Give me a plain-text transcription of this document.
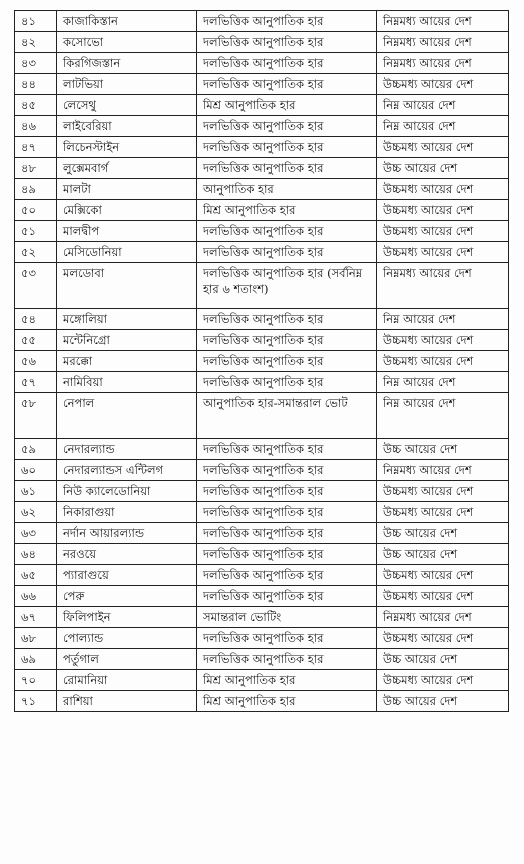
৪১	কাজাকিস্তান	দলভিত্তিক আনুপাতিক হার	নিম্নমধ্য আয়ের দেশ
৪২	কসোভো	দলভিত্তিক আনুপাতিক হার	নিম্নমধ্য আয়ের দেশ
৪৩	কিরগিজস্তান	দলভিত্তিক আনুপাতিক হার	নিম্নমধ্য আয়ের দেশ
৪৪	লাটভিয়া	দলভিত্তিক আনুপাতিক হার	উচ্চমধ্য আয়ের দেশ
৪৫	লেসেথু	মিশ্র আনুপাতিক হার	নিম্ন আয়ের দেশ
৪৬	লাইবেরিয়া	দলভিত্তিক আনুপাতিক হার	নিম্ন আয়ের দেশ
৪৭	লিচেনস্টাইন	দলভিত্তিক আনুপাতিক হার	উচ্চমধ্য আয়ের দেশ
৪৮	লুক্সেমবার্গ	দলভিত্তিক আনুপাতিক হার	উচ্চ আয়ের দেশ
৪৯	মালটা	আনুপাতিক হার	উচ্চমধ্য আয়ের দেশ
৫০	মেক্সিকো	মিশ্র আনুপাতিক হার	উচ্চমধ্য আয়ের দেশ
৫১	মালদ্বীপ	দলভিত্তিক আনুপাতিক হার	উচ্চমধ্য আয়ের দেশ
৫২	মেসিডোনিয়া	দলভিত্তিক আনুপাতিক হার	উচ্চমধ্য আয়ের দেশ
৫৩	মলডোবা	দলভিত্তিক আনুপাতিক হার (সর্বনিম্ন হার ৬ শতাংশ)	নিম্নমধ্য আয়ের দেশ
৫৪	মঙ্গোলিয়া	দলভিত্তিক আনুপাতিক হার	নিম্ন আয়ের দেশ
৫৫	মন্টেনিগ্রো	দলভিত্তিক আনুপাতিক হার	উচ্চমধ্য আয়ের দেশ
৫৬	মরক্কো	দলভিত্তিক আনুপাতিক হার	উচ্চমধ্য আয়ের দেশ
৫৭	নামিবিয়া	দলভিত্তিক আনুপাতিক হার	নিম্ন আয়ের দেশ
৫৮	নেপাল	আনুপাতিক হার-সমান্তরাল ভোট	নিম্ন আয়ের দেশ
৫৯	নেদারল্যান্ড	দলভিত্তিক আনুপাতিক হার	উচ্চ আয়ের দেশ
৬০	নেদারল্যান্ডস এন্টিলগ	দলভিত্তিক আনুপাতিক হার	নিম্নমধ্য আয়ের দেশ
৬১	নিউ ক্যালেডোনিয়া	দলভিত্তিক আনুপাতিক হার	উচ্চমধ্য আয়ের দেশ
৬২	নিকারাগুয়া	দলভিত্তিক আনুপাতিক হার	উচ্চমধ্য আয়ের দেশ
৬৩	নর্দান আয়ারল্যান্ড	দলভিত্তিক আনুপাতিক হার	উচ্চ আয়ের দেশ
৬৪	নরওয়ে	দলভিত্তিক আনুপাতিক হার	উচ্চ আয়ের দেশ
৬৫	প্যারাগুয়ে	দলভিত্তিক আনুপাতিক হার	উচ্চমধ্য আয়ের দেশ
৬৬	পেরু	দলভিত্তিক আনুপাতিক হার	উচ্চমধ্য আয়ের দেশ
৬৭	ফিলিপাইন	সমান্তরাল ভোটিং	নিম্নমধ্য আয়ের দেশ
৬৮	পোল্যান্ড	দলভিত্তিক আনুপাতিক হার	উচ্চমধ্য আয়ের দেশ
৬৯	পর্তুগাল	দলভিত্তিক আনুপাতিক হার	উচ্চ আয়ের দেশ
৭০	রোমানিয়া	মিশ্র আনুপাতিক হার	উচ্চমধ্য আয়ের দেশ
৭১	রাশিয়া	মিশ্র আনুপাতিক হার	উচ্চ আয়ের দেশ
